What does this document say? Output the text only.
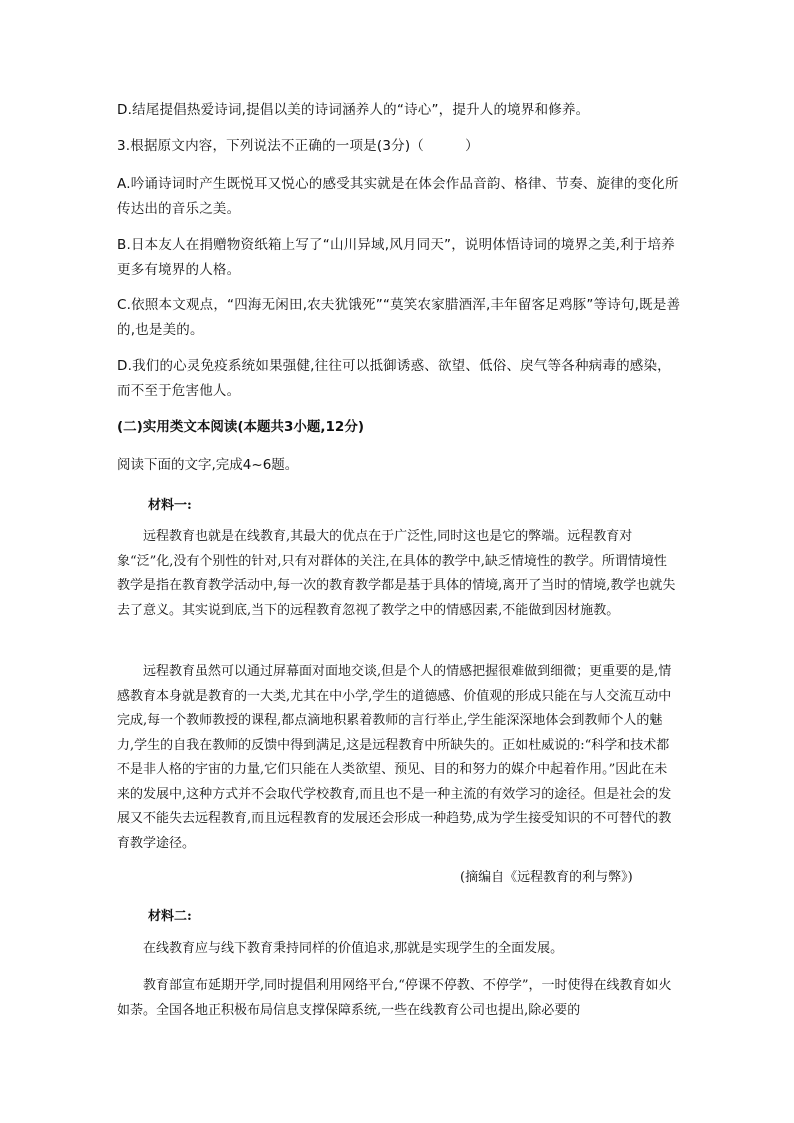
D.结尾提倡热爱诗词,提倡以美的诗词涵养人的“诗心”，提升人的境界和修养。

3.根据原文内容，下列说法不正确的一项是(3分)（　　　）

A.吟诵诗词时产生既悦耳又悦心的感受其实就是在体会作品音韵、格律、节奏、旋律的变化所传达出的音乐之美。

B.日本友人在捐赠物资纸箱上写了“山川异域,风月同天”，说明体悟诗词的境界之美,利于培养更多有境界的人格。

C.依照本文观点，“四海无闲田,农夫犹饿死”“莫笑农家腊酒浑,丰年留客足鸡豚”等诗句,既是善的,也是美的。

D.我们的心灵免疫系统如果强健,往往可以抵御诱惑、欲望、低俗、戾气等各种病毒的感染，而不至于危害他人。

(二)实用类文本阅读(本题共3小题,12分)

阅读下面的文字,完成4~6题。

材料一:

远程教育也就是在线教育,其最大的优点在于广泛性,同时这也是它的弊端。远程教育对象“泛”化,没有个别性的针对,只有对群体的关注,在具体的教学中,缺乏情境性的教学。所谓情境性教学是指在教育教学活动中,每一次的教育教学都是基于具体的情境,离开了当时的情境,教学也就失去了意义。其实说到底,当下的远程教育忽视了教学之中的情感因素,不能做到因材施教。

远程教育虽然可以通过屏幕面对面地交谈,但是个人的情感把握很难做到细微；更重要的是,情感教育本身就是教育的一大类,尤其在中小学,学生的道德感、价值观的形成只能在与人交流互动中完成,每一个教师教授的课程,都点滴地积累着教师的言行举止,学生能深深地体会到教师个人的魅力,学生的自我在教师的反馈中得到满足,这是远程教育中所缺失的。正如杜威说的:“科学和技术都不是非人格的宇宙的力量,它们只能在人类欲望、预见、目的和努力的媒介中起着作用。”因此在未来的发展中,这种方式并不会取代学校教育,而且也不是一种主流的有效学习的途径。但是社会的发展又不能失去远程教育,而且远程教育的发展还会形成一种趋势,成为学生接受知识的不可替代的教育教学途径。

(摘编自《远程教育的利与弊》)

材料二:

在线教育应与线下教育秉持同样的价值追求,那就是实现学生的全面发展。

教育部宣布延期开学,同时提倡利用网络平台,“停课不停教、不停学”，一时使得在线教育如火如荼。全国各地正积极布局信息支撑保障系统,一些在线教育公司也提出,除必要的
